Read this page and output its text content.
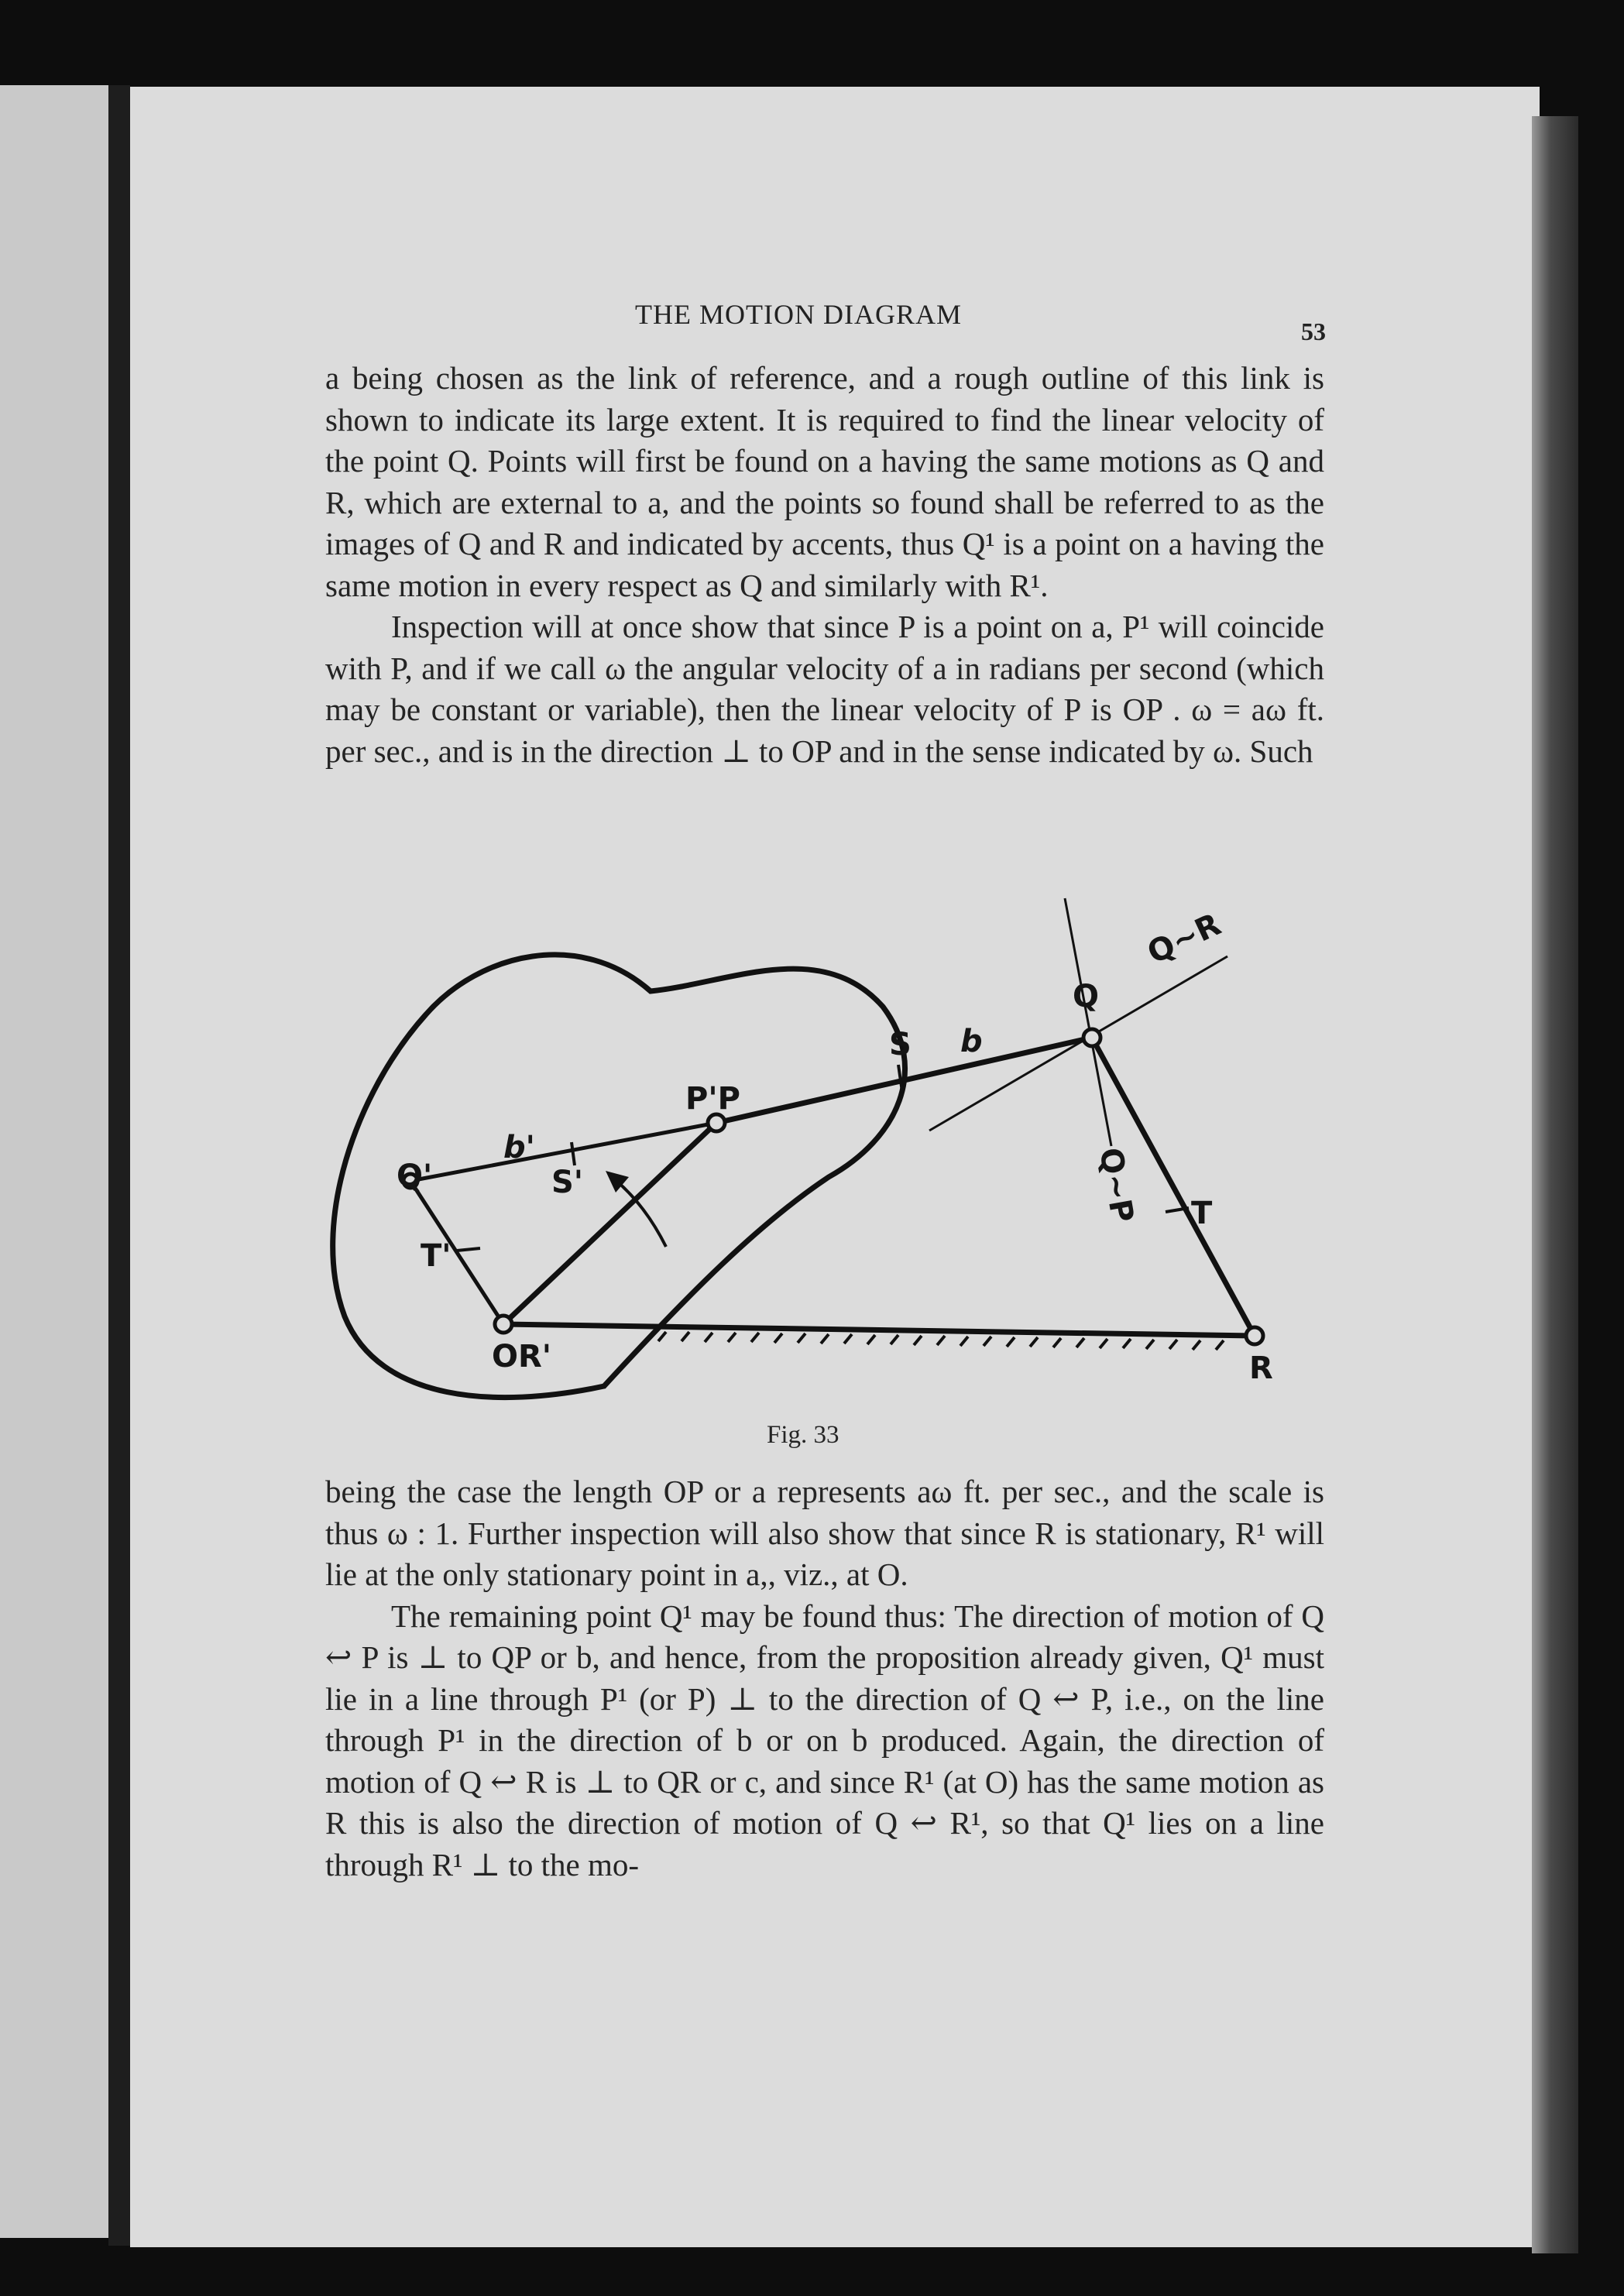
THE MOTION DIAGRAM
53

a being chosen as the link of reference, and a rough outline of this link is shown to indicate its large extent. It is required to find the linear velocity of the point Q. Points will first be found on a having the same motions as Q and R, which are external to a, and the points so found shall be referred to as the images of Q and R and indicated by accents, thus Q¹ is a point on a having the same motion in every respect as Q and similarly with R¹.

Inspection will at once show that since P is a point on a, P¹ will coincide with P, and if we call ω the angular velocity of a in radians per second (which may be constant or variable), then the linear velocity of P is OP . ω = aω ft. per sec., and is in the direction ⊥ to OP and in the sense indicated by ω. Such

Q
Q~R
Q~P
S b
P'P
Q'
b'
S'
T'
T
OR'	R
Fig. 33

being the case the length OP or a represents aω ft. per sec., and the scale is thus ω : 1. Further inspection will also show that since R is stationary, R¹ will lie at the only stationary point in a,, viz., at O.

The remaining point Q¹ may be found thus: The direction of motion of Q ↩ P is ⊥ to QP or b, and hence, from the proposition already given, Q¹ must lie in a line through P¹ (or P) ⊥ to the direction of Q ↩ P, i.e., on the line through P¹ in the direction of b or on b produced. Again, the direction of motion of Q ↩ R is ⊥ to QR or c, and since R¹ (at O) has the same motion as R this is also the direction of motion of Q ↩ R¹, so that Q¹ lies on a line through R¹ ⊥ to the mo-
